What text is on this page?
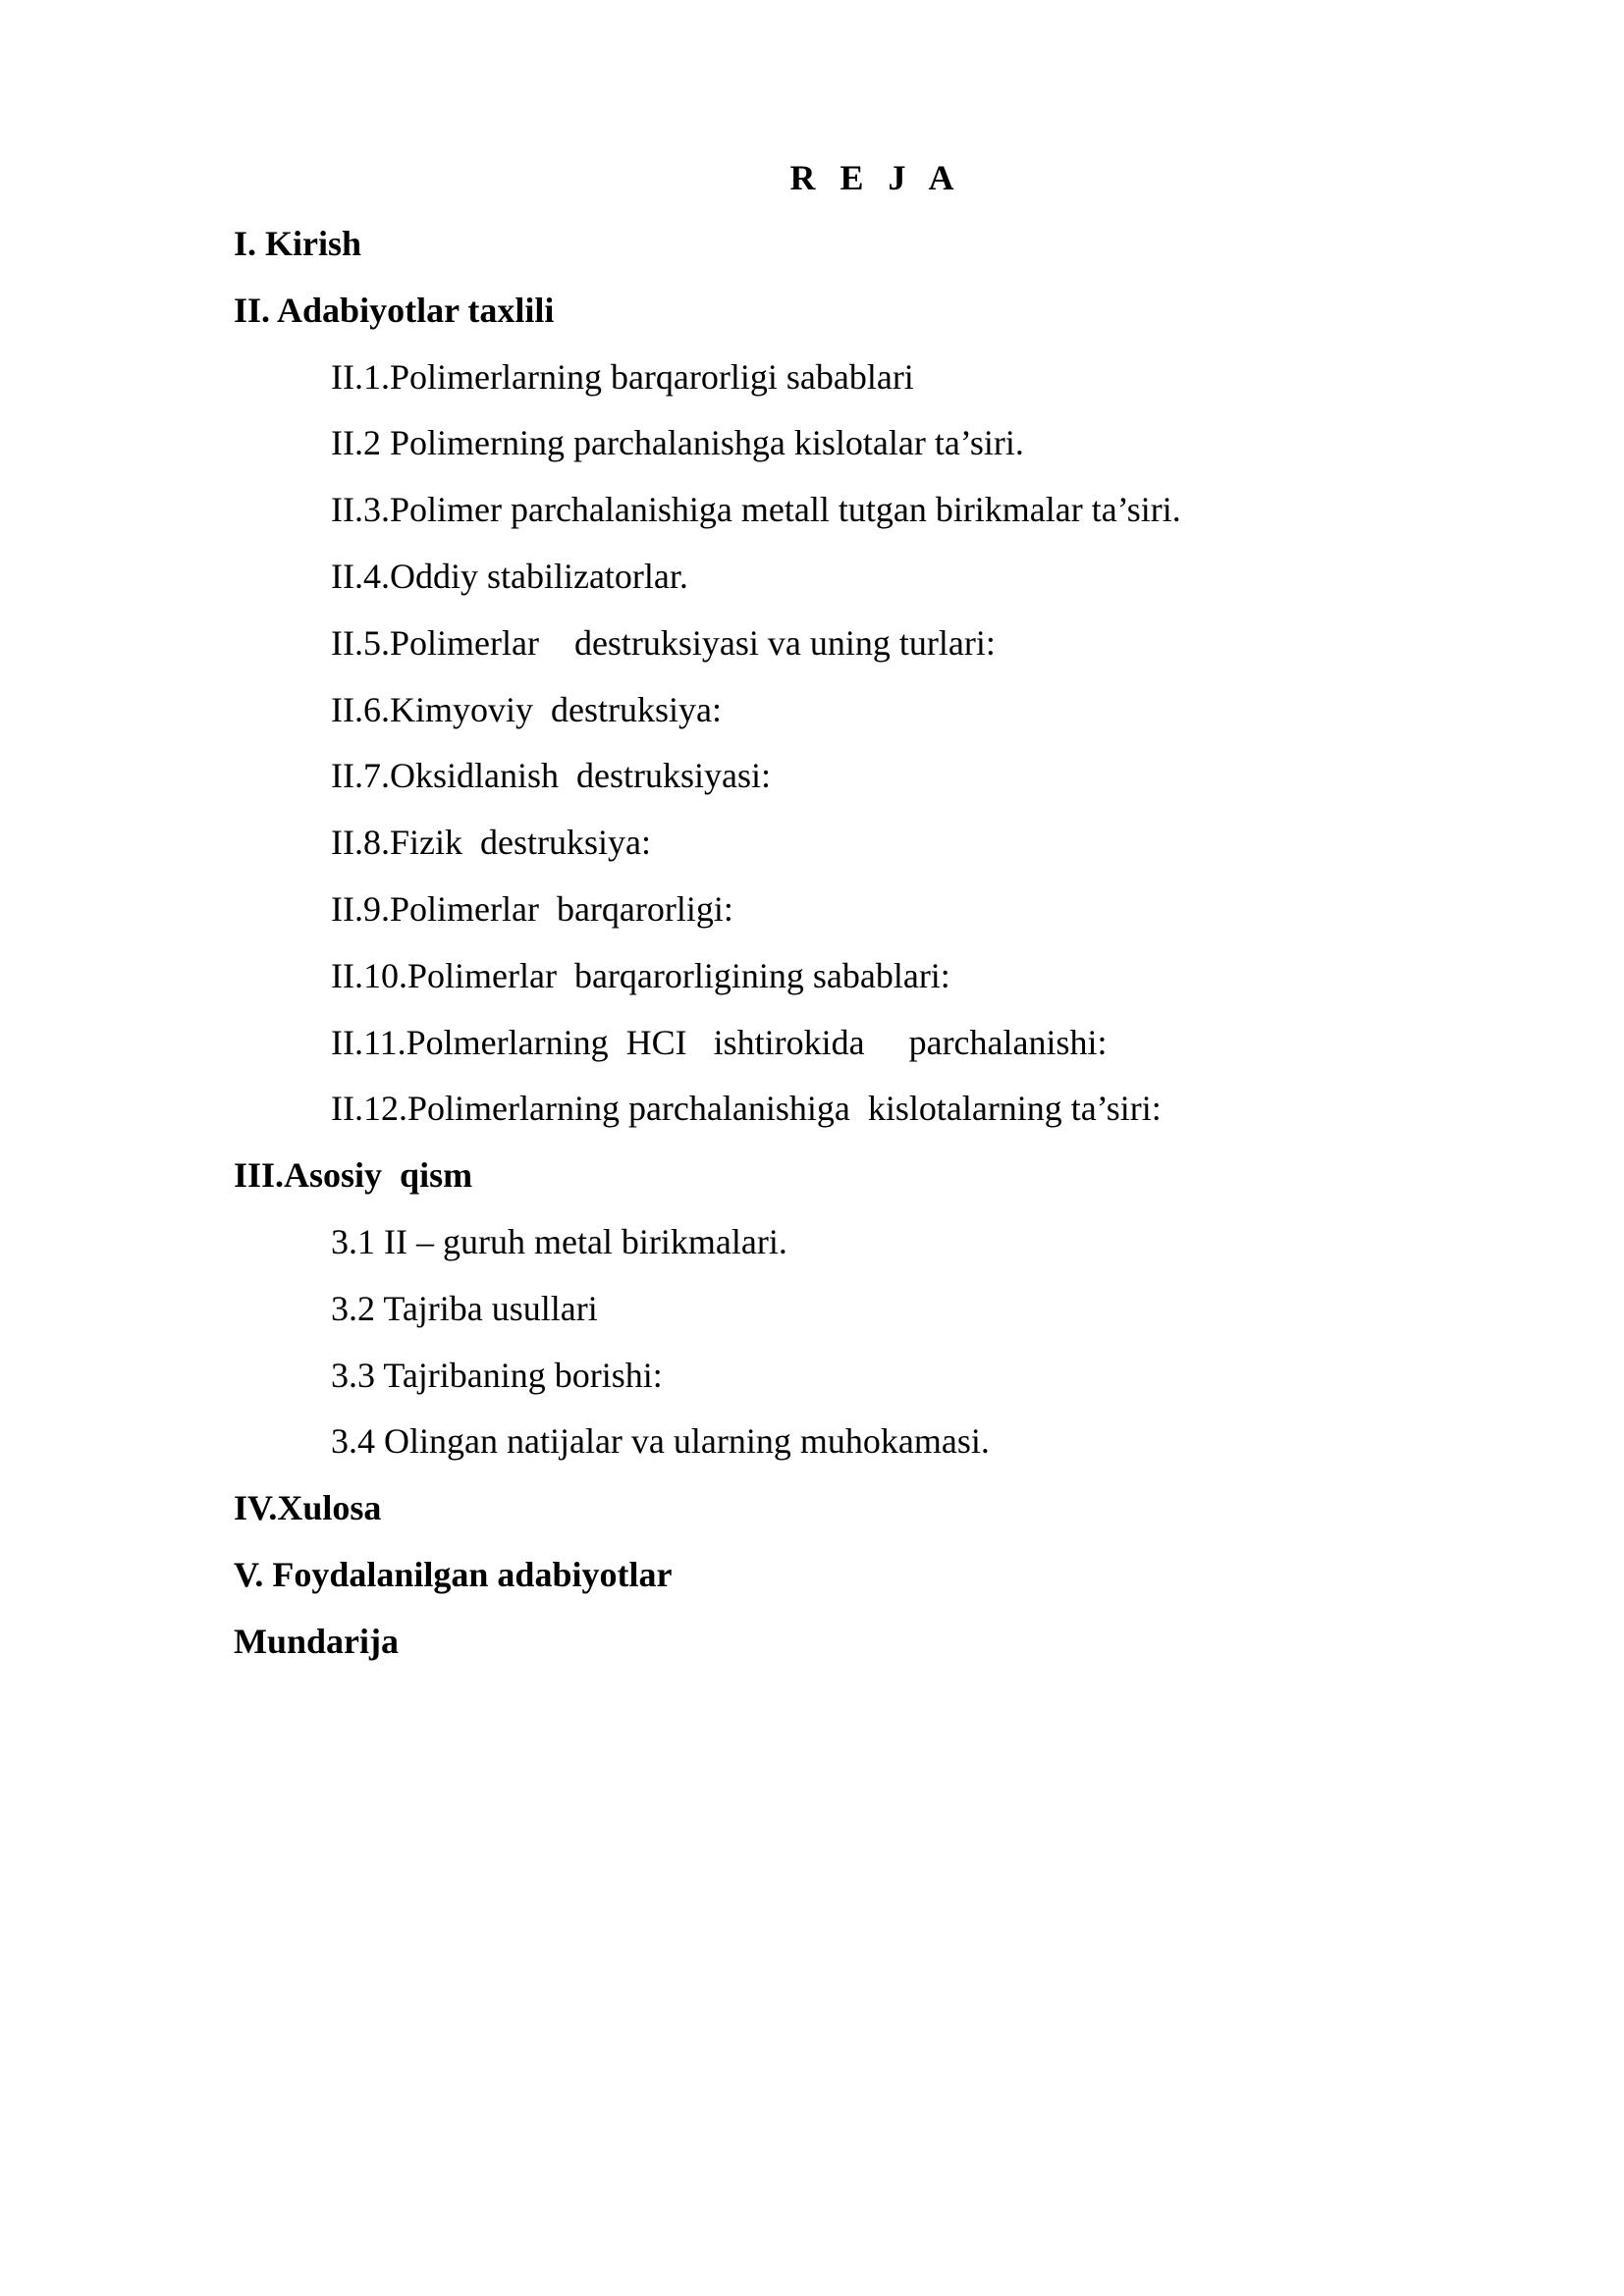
R E J A
I. Kirish
II. Adabiyotlar taxlili
II.1.Polimerlarning barqarorligi sabablari
II.2 Polimerning parchalanishga kislotalar ta’siri.
II.3.Polimer parchalanishiga metall tutgan birikmalar ta’siri.
II.4.Oddiy stabilizatorlar.
II.5.Polimerlar    destruksiyasi va uning turlari:
II.6.Kimyoviy  destruksiya:
II.7.Oksidlanish  destruksiyasi:
II.8.Fizik  destruksiya:
II.9.Polimerlar  barqarorligi:
II.10.Polimerlar  barqarorligining sabablari:
II.11.Polmerlarning  HCI   ishtirokida     parchalanishi:
II.12.Polimerlarning parchalanishiga  kislotalarning ta’siri:
III.Asosiy  qism
3.1 II – guruh metal birikmalari.
3.2 Tajriba usullari
3.3 Tajribaning borishi:
3.4 Olingan natijalar va ularning muhokamasi.
IV.Xulosa
V. Foydalanilgan adabiyotlar
Mundarija
